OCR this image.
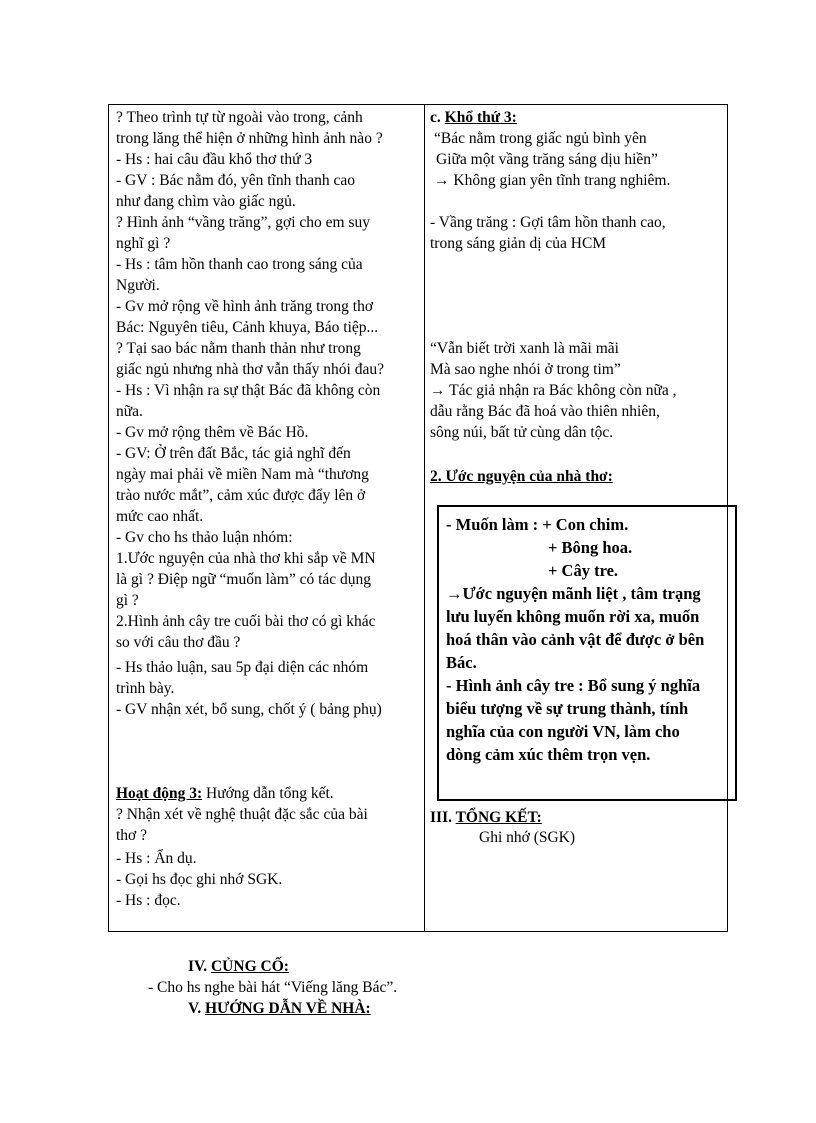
? Theo trình tự từ ngoài vào trong, cảnh
trong lăng thể hiện ở những hình ảnh nào ?
- Hs : hai câu đầu khổ thơ thứ 3
- GV : Bác nằm đó, yên tĩnh thanh cao
như đang chìm vào giấc ngủ.
? Hình ảnh “vầng trăng”, gợi cho em suy
nghĩ gì ?
- Hs : tâm hồn thanh cao trong sáng của
Người.
- Gv mở rộng về hình ảnh trăng trong thơ
Bác: Nguyên tiêu, Cảnh khuya, Báo tiệp...
? Tại sao bác nằm thanh thản như trong
giấc ngủ nhưng nhà thơ vẫn thấy nhói đau?
- Hs : Vì nhận ra sự thật Bác đã không còn
nữa.
- Gv mở rộng thêm về Bác Hồ.
- GV: Ở trên đất Bắc, tác giả nghĩ đến
ngày mai phải về miền Nam mà “thương
trào nước mắt”, cảm xúc được đẩy lên ở
mức cao nhất.
- Gv cho hs thảo luận nhóm:
1.Ước nguyện của nhà thơ khi sắp về MN
là gì ? Điệp ngữ “muốn làm” có tác dụng
gì ?
2.Hình ảnh cây tre cuối bài thơ có gì khác
so với câu thơ đầu ?
- Hs thảo luận, sau 5p đại diện các nhóm
trình bày.
- GV nhận xét, bổ sung, chốt ý ( bảng phụ)
Hoạt động 3: Hướng dẫn tổng kết.
? Nhận xét về nghệ thuật đặc sắc của bài
thơ ?
- Hs : Ẩn dụ.
- Gọi hs đọc ghi nhớ SGK.
- Hs : đọc.
c. Khổ thứ 3:
“Bác nằm trong giấc ngủ bình yên
Giữa một vầng trăng sáng dịu hiền”
→ Không gian yên tĩnh trang nghiêm.
- Vầng trăng : Gợi tâm hồn thanh cao,
trong sáng giản dị của HCM
“Vẫn biết trời xanh là mãi mãi
Mà sao nghe nhói ở trong tim”
→ Tác giả nhận ra Bác không còn nữa ,
dẫu rằng Bác đã hoá vào thiên nhiên,
sông núi, bất tử cùng dân tộc.
2. Ước nguyện của nhà thơ:
III. TỔNG KẾT:
Ghi nhớ (SGK)
- Muốn làm : + Con chim.
+ Bông hoa.
+ Cây tre.
→Ước nguyện mãnh liệt , tâm trạng
lưu luyến không muốn rời xa, muốn
hoá thân vào cảnh vật để được ở bên
Bác.
- Hình ảnh cây tre : Bổ sung ý nghĩa
biểu tượng về sự trung thành, tính
nghĩa của con người VN, làm cho
dòng cảm xúc thêm trọn vẹn.
IV. CỦNG CỐ:
- Cho hs nghe bài hát “Viếng lăng Bác”.
V. HƯỚNG DẪN VỀ NHÀ:
